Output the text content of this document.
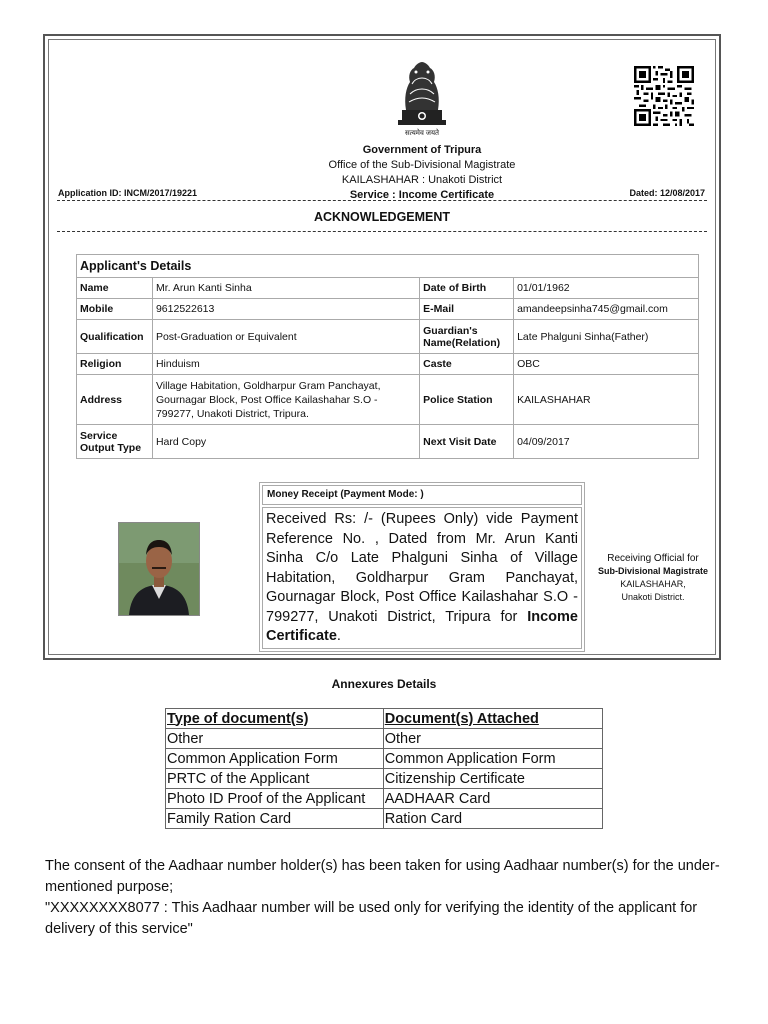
सत्यमेव जयते
Government of Tripura
Office of the Sub-Divisional Magistrate
KAILASHAHAR : Unakoti District
Service : Income Certificate
Application ID: INCM/2017/19221	Dated: 12/08/2017
ACKNOWLEDGEMENT
Applicant's Details			
Name	Mr. Arun Kanti Sinha	Date of Birth	01/01/1962
Mobile	9612522613	E-Mail	amandeepsinha745@gmail.com
Qualification	Post-Graduation or Equivalent	Guardian's Name(Relation)	Late Phalguni Sinha(Father)
Religion	Hinduism	Caste	OBC
Address	Village Habitation, Goldharpur Gram Panchayat, Gournagar Block, Post Office Kailashahar S.O - 799277, Unakoti District, Tripura.	Police Station	KAILASHAHAR
Service Output Type	Hard Copy	Next Visit Date	04/09/2017
Money Receipt (Payment Mode: )
Received Rs: /- (Rupees Only) vide Payment Reference No. , Dated from Mr. Arun Kanti Sinha C/o Late Phalguni Sinha of Village Habitation, Goldharpur Gram Panchayat, Gournagar Block, Post Office Kailashahar S.O - 799277, Unakoti District, Tripura for Income Certificate.
Receiving Official for
Sub-Divisional Magistrate
KAILASHAHAR,
Unakoti District.
Annexures Details
Type of document(s)	Document(s) Attached
Other	Other
Common Application Form	Common Application Form
PRTC of the Applicant	Citizenship Certificate
Photo ID Proof of the Applicant	AADHAAR Card
Family Ration Card	Ration Card
The consent of the Aadhaar number holder(s) has been taken for using Aadhaar number(s) for the under-mentioned purpose;
"XXXXXXXX8077 : This Aadhaar number will be used only for verifying the identity of the applicant for delivery of this service"
